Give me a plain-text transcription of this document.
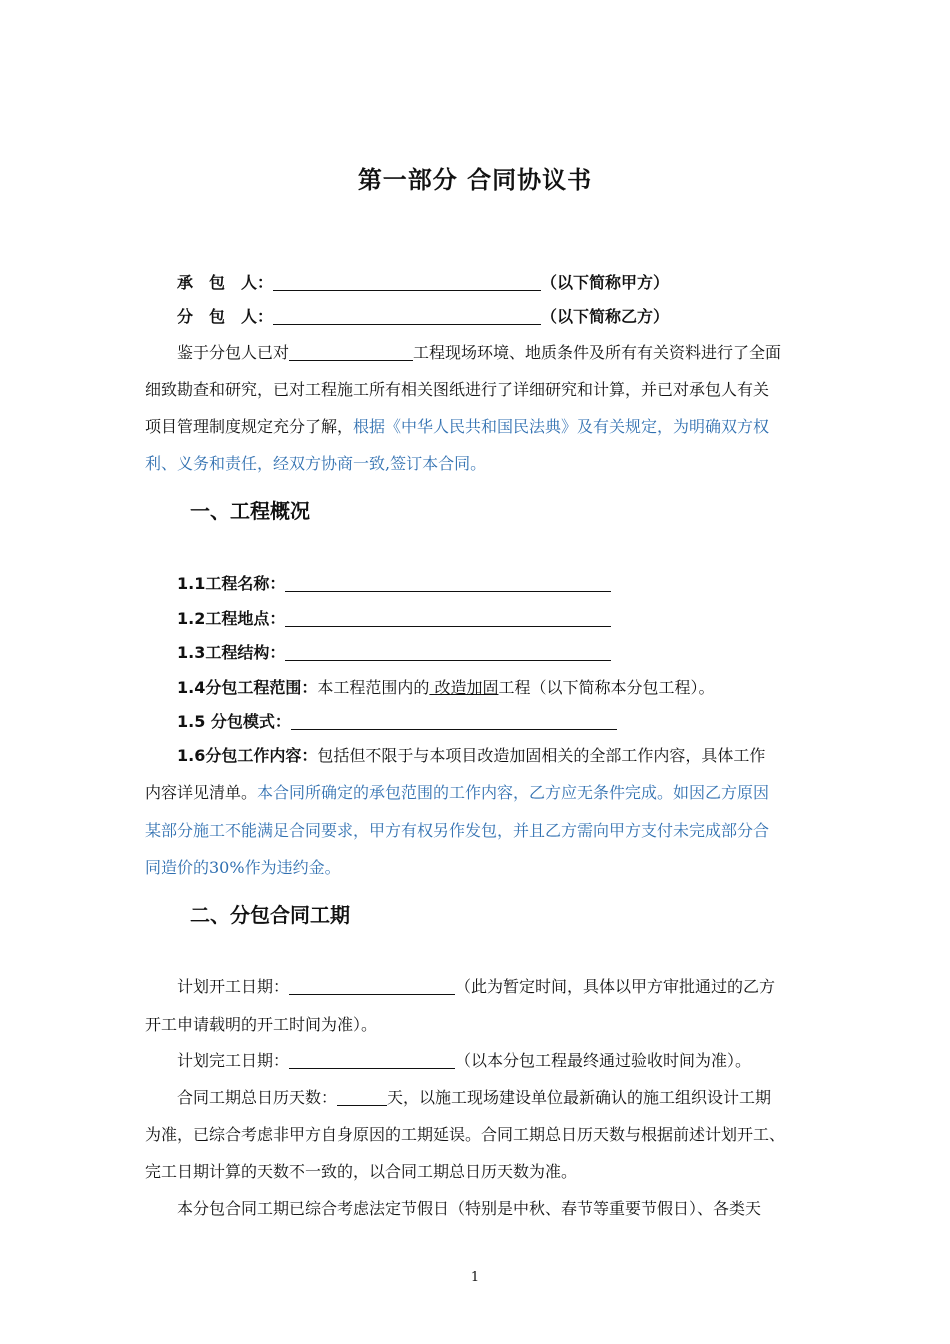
第一部分 合同协议书
承　包　人：	（以下简称甲方）
分　包　人：	（以下简称乙方）
鉴于分包人已对	工程现场环境、地质条件及所有有关资料进行了全面
细致勘查和研究，已对工程施工所有相关图纸进行了详细研究和计算，并已对承包人有关
项目管理制度规定充分了解，根据《中华人民共和国民法典》及有关规定，为明确双方权
利、义务和责任，经双方协商一致,签订本合同。
一、工程概况
1.1工程名称：
1.2工程地点：
1.3工程结构：
1.4分包工程范围：本工程范围内的 改造加固工程（以下简称本分包工程）。
1.5 分包模式：
1.6分包工作内容：包括但不限于与本项目改造加固相关的全部工作内容，具体工作
内容详见清单。本合同所确定的承包范围的工作内容，乙方应无条件完成。如因乙方原因
某部分施工不能满足合同要求，甲方有权另作发包，并且乙方需向甲方支付未完成部分合
同造价的30%作为违约金。
二、分包合同工期
计划开工日期：	（此为暂定时间，具体以甲方审批通过的乙方
开工申请载明的开工时间为准）。
计划完工日期：	（以本分包工程最终通过验收时间为准）。
合同工期总日历天数：	天，以施工现场建设单位最新确认的施工组织设计工期
为准，已综合考虑非甲方自身原因的工期延误。合同工期总日历天数与根据前述计划开工、
完工日期计算的天数不一致的，以合同工期总日历天数为准。
本分包合同工期已综合考虑法定节假日（特别是中秋、春节等重要节假日）、各类天
1
